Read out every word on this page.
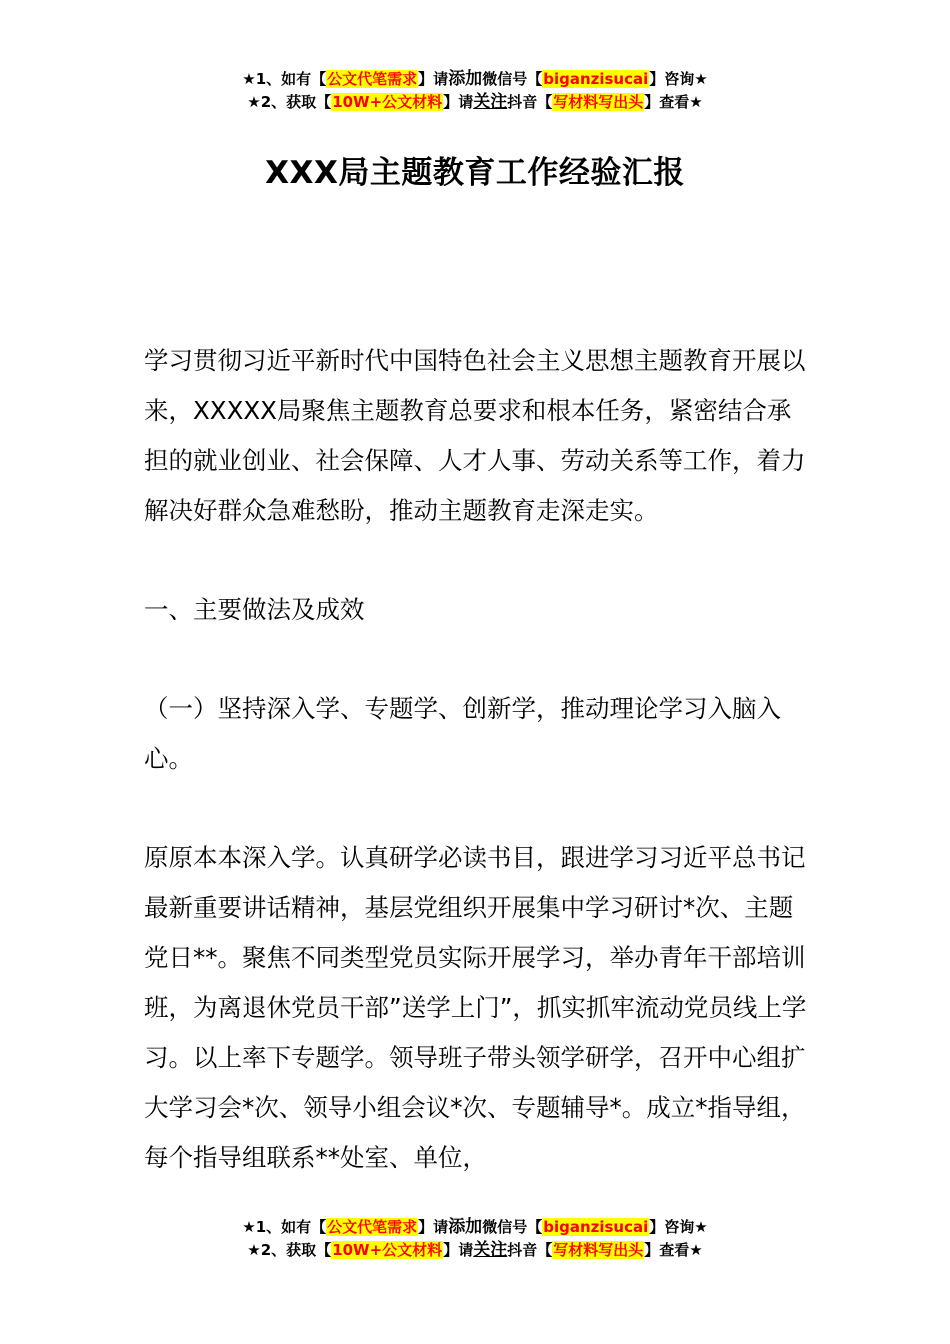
★1、如有【公文代笔需求】请添加微信号【biganzisucai】咨询★
★2、获取【10W+公文材料】请关注抖音【写材料写出头】查看★
XXX局主题教育工作经验汇报

学习贯彻习近平新时代中国特色社会主义思想主题教育开展以来，XXXXX局聚焦主题教育总要求和根本任务，紧密结合承担的就业创业、社会保障、人才人事、劳动关系等工作，着力解决好群众急难愁盼，推动主题教育走深走实。

一、主要做法及成效

（一）坚持深入学、专题学、创新学，推动理论学习入脑入心。

原原本本深入学。认真研学必读书目，跟进学习习近平总书记最新重要讲话精神，基层党组织开展集中学习研讨*次、主题党日**。聚焦不同类型党员实际开展学习，举办青年干部培训班，为离退休党员干部”送学上门”，抓实抓牢流动党员线上学习。以上率下专题学。领导班子带头领学研学，召开中心组扩大学习会*次、领导小组会议*次、专题辅导*。成立*指导组，每个指导组联系**处室、单位，

★1、如有【公文代笔需求】请添加微信号【biganzisucai】咨询★
★2、获取【10W+公文材料】请关注抖音【写材料写出头】查看★
